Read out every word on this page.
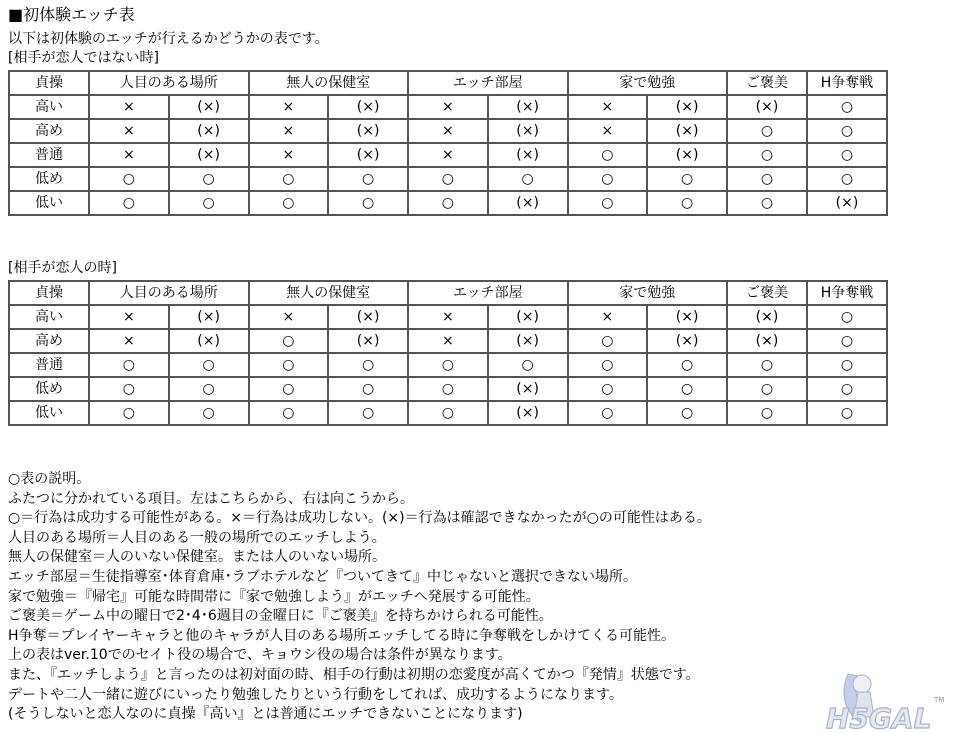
■初体験エッチ表
以下は初体験のエッチが行えるかどうかの表です。
[相手が恋人ではない時]
貞操	人目のある場所		無人の保健室		エッチ部屋		家で勉強		ご褒美	H争奪戦
高い	×	(×)	×	(×)	×	(×)	×	(×)	(×)	○
高め	×	(×)	×	(×)	×	(×)	×	(×)	○	○
普通	×	(×)	×	(×)	×	(×)	○	(×)	○	○
低め	○	○	○	○	○	○	○	○	○	○
低い	○	○	○	○	○	(×)	○	○	○	(×)
[相手が恋人の時]
貞操	人目のある場所		無人の保健室		エッチ部屋		家で勉強		ご褒美	H争奪戦
高い	×	(×)	×	(×)	×	(×)	×	(×)	(×)	○
高め	×	(×)	○	(×)	×	(×)	○	(×)	(×)	○
普通	○	○	○	○	○	○	○	○	○	○
低め	○	○	○	○	○	(×)	○	○	○	○
低い	○	○	○	○	○	(×)	○	○	○	○
○表の説明。
ふたつに分かれている項目。左はこちらから、右は向こうから。
○＝行為は成功する可能性がある。×＝行為は成功しない。(×)＝行為は確認できなかったが○の可能性はある。
人目のある場所＝人目のある一般の場所でのエッチしよう。
無人の保健室＝人のいない保健室。または人のいない場所。
エッチ部屋＝生徒指導室･体育倉庫･ラブホテルなど『ついてきて』中じゃないと選択できない場所。
家で勉強＝『帰宅』可能な時間帯に『家で勉強しよう』がエッチへ発展する可能性。
ご褒美＝ゲーム中の曜日で2･4･6週目の金曜日に『ご褒美』を持ちかけられる可能性。
H争奪＝プレイヤーキャラと他のキャラが人目のある場所エッチしてる時に争奪戦をしかけてくる可能性。
上の表はver.10でのセイト役の場合で、キョウシ役の場合は条件が異なります。
また、『エッチしよう』と言ったのは初対面の時、相手の行動は初期の恋愛度が高くてかつ『発情』状態です。
デートや二人一緒に遊びにいったり勉強したりという行動をしてれば、成功するようになります。
(そうしないと恋人なのに貞操『高い』とは普通にエッチできないことになります)	H5GAL
TM
